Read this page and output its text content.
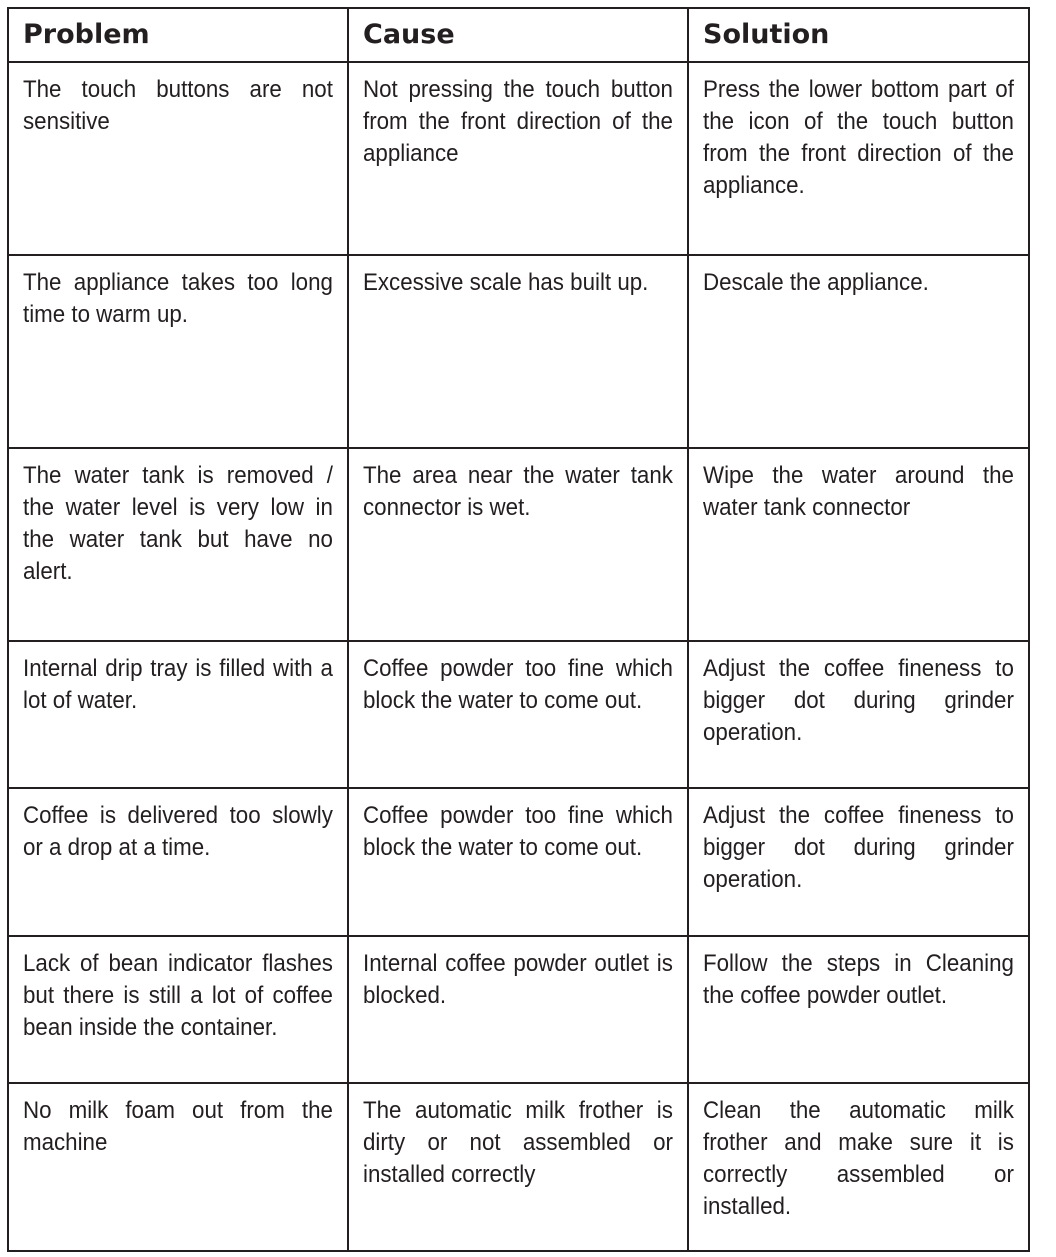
Problem	Cause	Solution

The touch buttons are not sensitive	Not pressing the touch button from the front direction of the appliance	Press the lower bottom part of the icon of the touch button from the front direction of the appliance.

The appliance takes too long time to warm up.	Excessive scale has built up.	Descale the appliance.

The water tank is removed / the water level is very low in the water tank but have no alert.	The area near the water tank connector is wet.	Wipe the water around the water tank connector

Internal drip tray is filled with a lot of water.	Coffee powder too fine which block the water to come out.	Adjust the coffee fineness to bigger dot during grinder operation.

Coffee is delivered too slowly or a drop at a time.	Coffee powder too fine which block the water to come out.	Adjust the coffee fineness to bigger dot during grinder operation.

Lack of bean indicator flashes but there is still a lot of coffee bean inside the container.	Internal coffee powder outlet is blocked.	Follow the steps in Cleaning the coffee powder outlet.

No milk foam out from the machine	The automatic milk frother is dirty or not assembled or installed correctly	Clean the automatic milk frother and make sure it is correctly assembled or installed.
